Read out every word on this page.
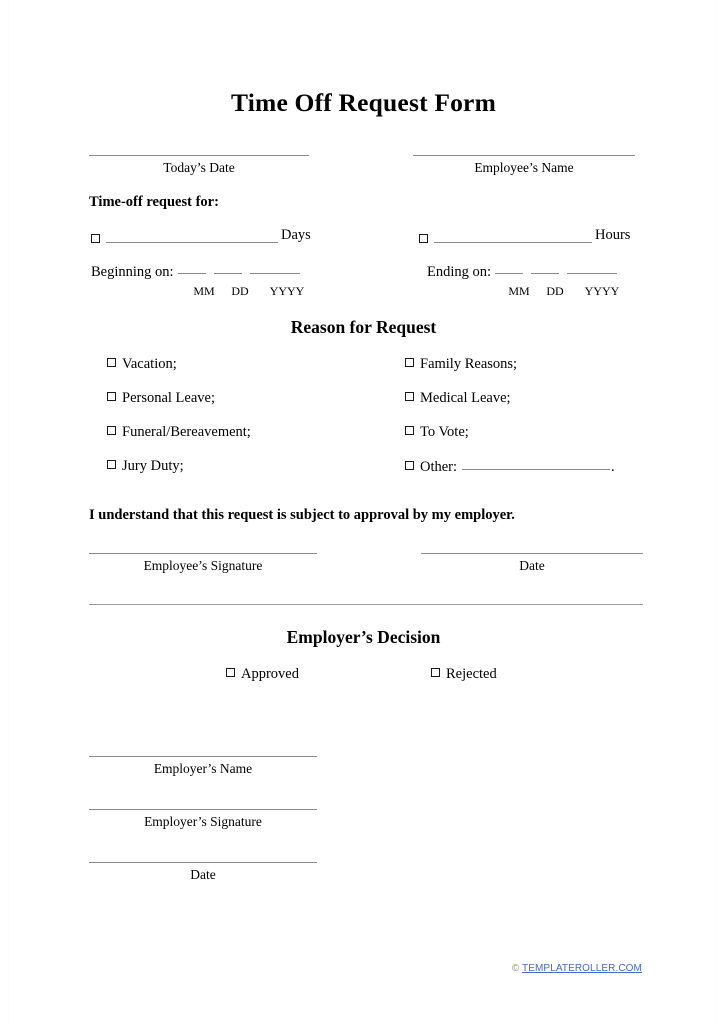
Time Off Request Form
Today’s Date	Employee’s Name
Time-off request for:
Days	Hours
Beginning on:
MM DD YYYY
Ending on:
MM DD YYYY
Reason for Request
Vacation;
Personal Leave;
Funeral/Bereavement;
Jury Duty;
Family Reasons;
Medical Leave;
To Vote;
Other:	.
I understand that this request is subject to approval by my employer.
Employee’s Signature	Date
Employer’s Decision
Approved	Rejected
Employer’s Name
Employer’s Signature
Date
© TEMPLATEROLLER.COM
